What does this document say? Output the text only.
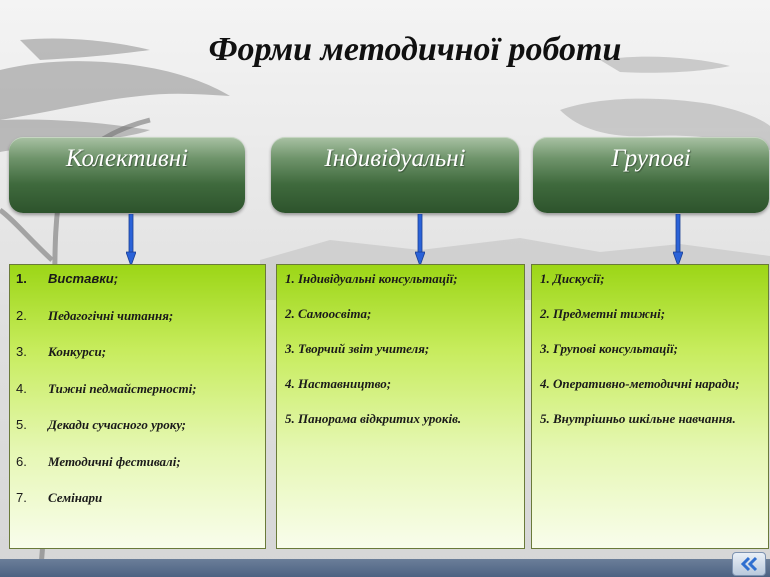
Форми методичної роботи
Колективні	Індивідуальні	Групові
1.	Виставки;
2.	Педагогічні читання;
3.	Конкурси;
4.	Тижні педмайстерності;
5.	Декади сучасного уроку;
6.	Методичні фестивалі;
7.	Семінари
1. Індивідуальні консультації;
2. Самоосвіта;
3. Творчий звіт учителя;
4. Наставництво;
5. Панорама відкритих уроків.
1. Дискусії;
2. Предметні тижні;
3. Групові консультації;
4. Оперативно-методичні наради;
5. Внутрішньо шкільне навчання.
